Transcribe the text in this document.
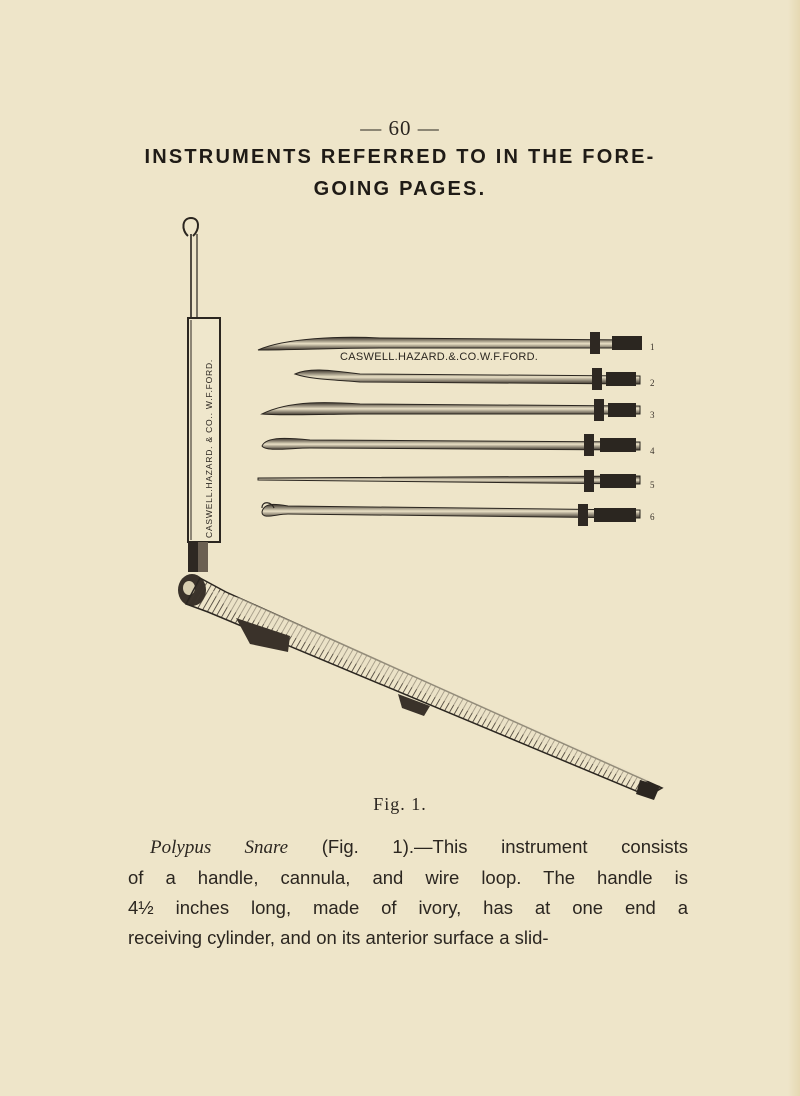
— 60 —
INSTRUMENTS REFERRED TO IN THE FORE-
GOING PAGES.
CASWELL.HAZARD. & CO.. W.F.FORD.
CASWELL.HAZARD.&.CO.W.F.FORD.
1
2
3
4
5
6
Fig. 1.
Polypus Snare (Fig. 1).—This instrument consists
of a handle, cannula, and wire loop. The handle is
4½ inches long, made of ivory, has at one end a
receiving cylinder, and on its anterior surface a slid-
